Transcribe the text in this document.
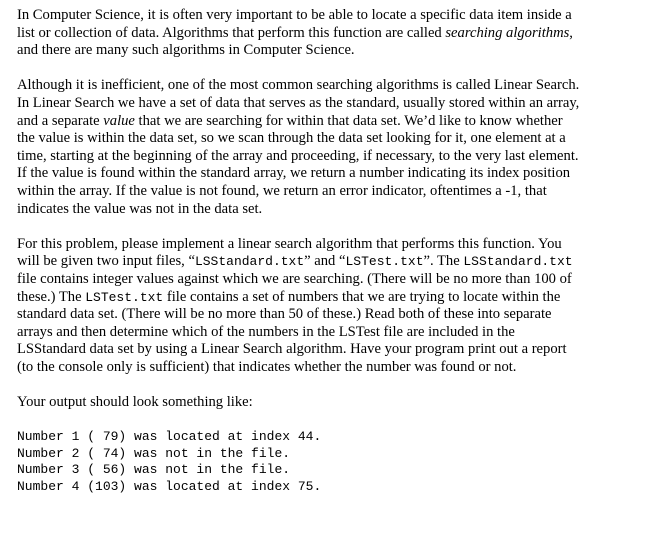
In Computer Science, it is often very important to be able to locate a specific data item inside a
list or collection of data. Algorithms that perform this function are called searching algorithms,
and there are many such algorithms in Computer Science.

Although it is inefficient, one of the most common searching algorithms is called Linear Search.
In Linear Search we have a set of data that serves as the standard, usually stored within an array,
and a separate value that we are searching for within that data set. We’d like to know whether
the value is within the data set, so we scan through the data set looking for it, one element at a
time, starting at the beginning of the array and proceeding, if necessary, to the very last element.
If the value is found within the standard array, we return a number indicating its index position
within the array. If the value is not found, we return an error indicator, oftentimes a -1, that
indicates the value was not in the data set.

For this problem, please implement a linear search algorithm that performs this function. You
will be given two input files, “LSStandard.txt” and “LSTest.txt”. The LSStandard.txt
file contains integer values against which we are searching. (There will be no more than 100 of
these.) The LSTest.txt file contains a set of numbers that we are trying to locate within the
standard data set. (There will be no more than 50 of these.) Read both of these into separate
arrays and then determine which of the numbers in the LSTest file are included in the
LSStandard data set by using a Linear Search algorithm. Have your program print out a report
(to the console only is sufficient) that indicates whether the number was found or not.

Your output should look something like:

Number 1 ( 79) was located at index 44.
Number 2 ( 74) was not in the file.
Number 3 ( 56) was not in the file.
Number 4 (103) was located at index 75.
